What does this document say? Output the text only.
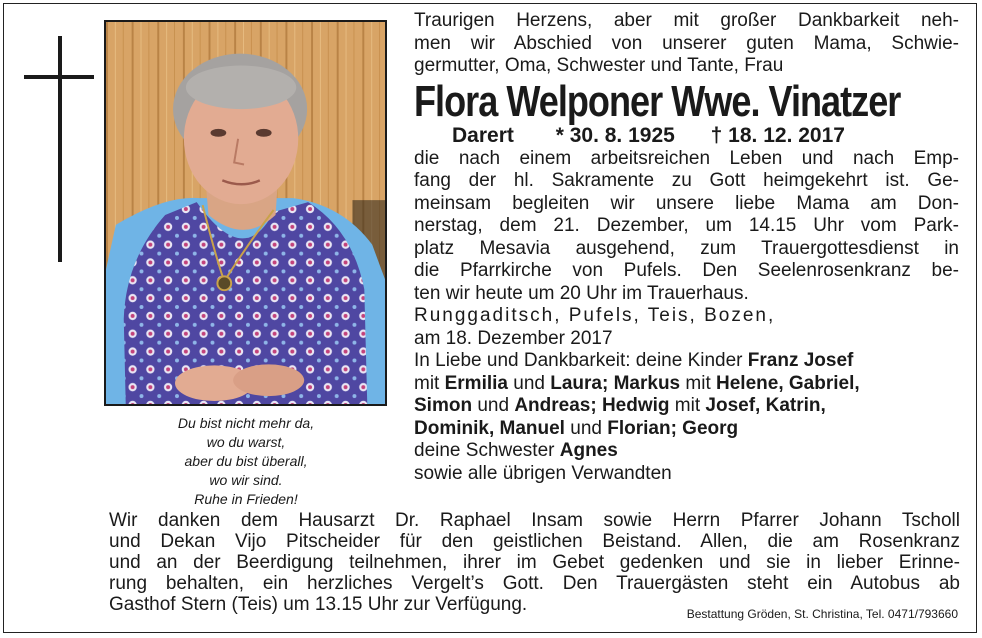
Du bist nicht mehr da,
wo du warst,
aber du bist überall,
wo wir sind.
Ruhe in Frieden!
Traurigen Herzens, aber mit großer Dankbarkeit neh-
men wir Abschied von unserer guten Mama, Schwie-
germutter, Oma, Schwester und Tante, Frau
Flora Welponer Wwe. Vinatzer
Darert * 30. 8. 1925 † 18. 12. 2017
die nach einem arbeitsreichen Leben und nach Emp-
fang der hl. Sakramente zu Gott heimgekehrt ist. Ge-
meinsam begleiten wir unsere liebe Mama am Don-
nerstag, dem 21. Dezember, um 14.15 Uhr vom Park-
platz Mesavia ausgehend, zum Trauergottesdienst in
die Pfarrkirche von Pufels. Den Seelenrosenkranz be-
ten wir heute um 20 Uhr im Trauerhaus.
Runggaditsch, Pufels, Teis, Bozen,
am 18. Dezember 2017
In Liebe und Dankbarkeit: deine Kinder Franz Josef
mit Ermilia und Laura; Markus mit Helene, Gabriel,
Simon und Andreas; Hedwig mit Josef, Katrin,
Dominik, Manuel und Florian; Georg
deine Schwester Agnes
sowie alle übrigen Verwandten
Wir danken dem Hausarzt Dr. Raphael Insam sowie Herrn Pfarrer Johann Tscholl
und Dekan Vijo Pitscheider für den geistlichen Beistand. Allen, die am Rosenkranz
und an der Beerdigung teilnehmen, ihrer im Gebet gedenken und sie in lieber Erinne-
rung behalten, ein herzliches Vergelt’s Gott. Den Trauergästen steht ein Autobus ab
Gasthof Stern (Teis) um 13.15 Uhr zur Verfügung.	Bestattung Gröden, St. Christina, Tel. 0471/793660
